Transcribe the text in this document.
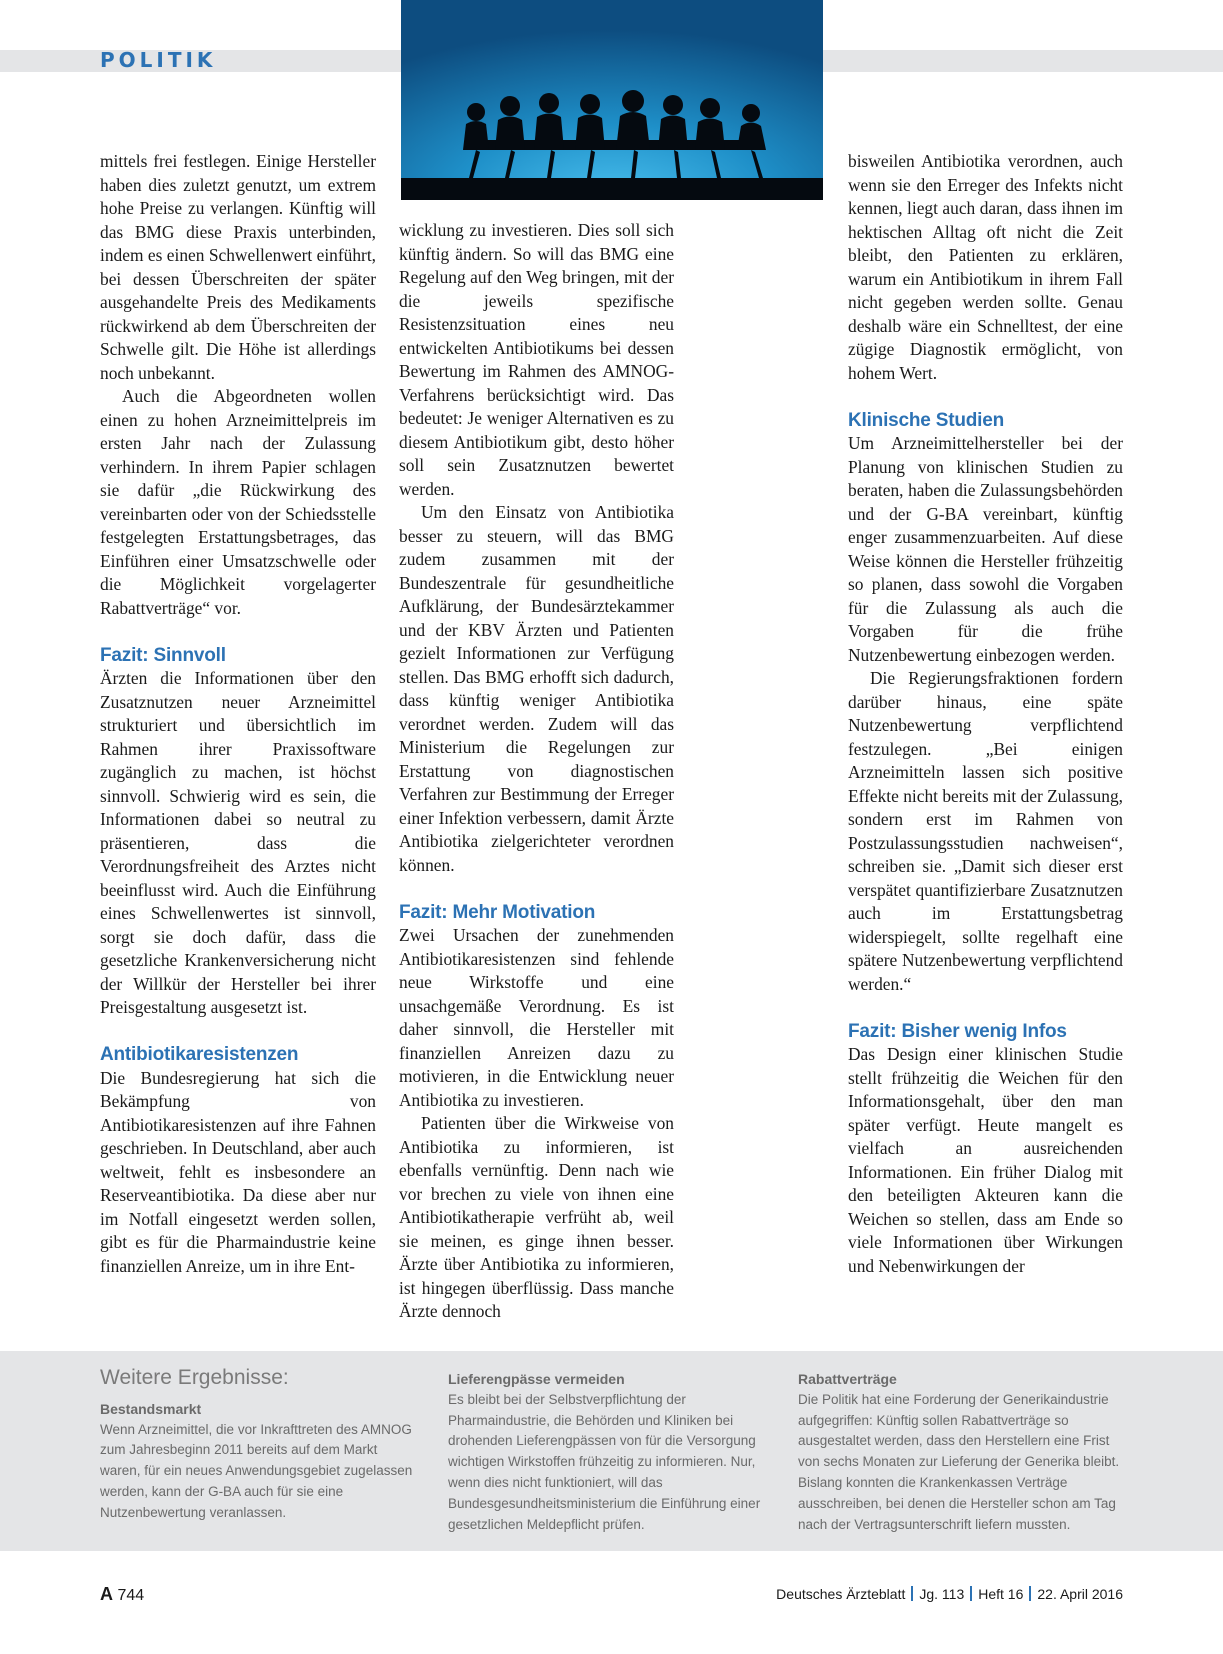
POLITIK

mittels frei festlegen. Einige Hersteller haben dies zuletzt genutzt, um extrem hohe Preise zu verlangen. Künftig will das BMG diese Praxis unterbinden, indem es einen Schwellenwert einführt, bei dessen Überschreiten der später ausgehandelte Preis des Medikaments rückwirkend ab dem Überschreiten der Schwelle gilt. Die Höhe ist allerdings noch unbekannt.

Auch die Abgeordneten wollen einen zu hohen Arzneimittelpreis im ersten Jahr nach der Zulassung verhindern. In ihrem Papier schlagen sie dafür „die Rückwirkung des vereinbarten oder von der Schiedsstelle festgelegten Erstattungsbetrages, das Einführen einer Umsatzschwelle oder die Möglichkeit vorgelagerter Rabattverträge“ vor.

Fazit: Sinnvoll

Ärzten die Informationen über den Zusatznutzen neuer Arzneimittel strukturiert und übersichtlich im Rahmen ihrer Praxissoftware zugänglich zu machen, ist höchst sinnvoll. Schwierig wird es sein, die Informationen dabei so neutral zu präsentieren, dass die Verordnungsfreiheit des Arztes nicht beeinflusst wird. Auch die Einführung eines Schwellenwertes ist sinnvoll, sorgt sie doch dafür, dass die gesetzliche Krankenversicherung nicht der Willkür der Hersteller bei ihrer Preisgestaltung ausgesetzt ist.

Antibiotikaresistenzen

Die Bundesregierung hat sich die Bekämpfung von Antibiotikaresistenzen auf ihre Fahnen geschrieben. In Deutschland, aber auch weltweit, fehlt es insbesondere an Reserveantibiotika. Da diese aber nur im Notfall eingesetzt werden sollen, gibt es für die Pharmaindustrie keine finanziellen Anreize, um in ihre Ent-

wicklung zu investieren. Dies soll sich künftig ändern. So will das BMG eine Regelung auf den Weg bringen, mit der die jeweils spezifische Resistenzsituation eines neu entwickelten Antibiotikums bei dessen Bewertung im Rahmen des AMNOG-Verfahrens berücksichtigt wird. Das bedeutet: Je weniger Alternativen es zu diesem Antibiotikum gibt, desto höher soll sein Zusatznutzen bewertet werden.

Um den Einsatz von Antibiotika besser zu steuern, will das BMG zudem zusammen mit der Bundeszentrale für gesundheitliche Aufklärung, der Bundesärztekammer und der KBV Ärzten und Patienten gezielt Informationen zur Verfügung stellen. Das BMG erhofft sich dadurch, dass künftig weniger Antibiotika verordnet werden. Zudem will das Ministerium die Regelungen zur Erstattung von diagnostischen Verfahren zur Bestimmung der Erreger einer Infektion verbessern, damit Ärzte Antibiotika zielgerichteter verordnen können.

Fazit: Mehr Motivation

Zwei Ursachen der zunehmenden Antibiotikaresistenzen sind fehlende neue Wirkstoffe und eine unsachgemäße Verordnung. Es ist daher sinnvoll, die Hersteller mit finanziellen Anreizen dazu zu motivieren, in die Entwicklung neuer Antibiotika zu investieren.

Patienten über die Wirkweise von Antibiotika zu informieren, ist ebenfalls vernünftig. Denn nach wie vor brechen zu viele von ihnen eine Antibiotikatherapie verfrüht ab, weil sie meinen, es ginge ihnen besser. Ärzte über Antibiotika zu informieren, ist hingegen überflüssig. Dass manche Ärzte dennoch

bisweilen Antibiotika verordnen, auch wenn sie den Erreger des Infekts nicht kennen, liegt auch daran, dass ihnen im hektischen Alltag oft nicht die Zeit bleibt, den Patienten zu erklären, warum ein Antibiotikum in ihrem Fall nicht gegeben werden sollte. Genau deshalb wäre ein Schnelltest, der eine zügige Diagnostik ermöglicht, von hohem Wert.

Klinische Studien

Um Arzneimittelhersteller bei der Planung von klinischen Studien zu beraten, haben die Zulassungsbehörden und der G-BA vereinbart, künftig enger zusammenzuarbeiten. Auf diese Weise können die Hersteller frühzeitig so planen, dass sowohl die Vorgaben für die Zulassung als auch die Vorgaben für die frühe Nutzenbewertung einbezogen werden.

Die Regierungsfraktionen fordern darüber hinaus, eine späte Nutzenbewertung verpflichtend festzulegen. „Bei einigen Arzneimitteln lassen sich positive Effekte nicht bereits mit der Zulassung, sondern erst im Rahmen von Postzulassungsstudien nachweisen“, schreiben sie. „Damit sich dieser erst verspätet quantifizierbare Zusatznutzen auch im Erstattungsbetrag widerspiegelt, sollte regelhaft eine spätere Nutzenbewertung verpflichtend werden.“

Fazit: Bisher wenig Infos

Das Design einer klinischen Studie stellt frühzeitig die Weichen für den Informationsgehalt, über den man später verfügt. Heute mangelt es vielfach an ausreichenden Informationen. Ein früher Dialog mit den beteiligten Akteuren kann die Weichen so stellen, dass am Ende so viele Informationen über Wirkungen und Nebenwirkungen der

Weitere Ergebnisse:

Bestandsmarkt

Wenn Arzneimittel, die vor Inkrafttreten des AMNOG zum Jahresbeginn 2011 bereits auf dem Markt waren, für ein neues Anwendungsgebiet zugelassen werden, kann der G-BA auch für sie eine Nutzenbewertung veranlassen.

Lieferengpässe vermeiden

Es bleibt bei der Selbstverpflichtung der Pharmaindustrie, die Behörden und Kliniken bei drohenden Lieferengpässen von für die Versorgung wichtigen Wirkstoffen frühzeitig zu informieren. Nur, wenn dies nicht funktioniert, will das Bundesgesundheitsministerium die Einführung einer gesetzlichen Meldepflicht prüfen.

Rabattverträge

Die Politik hat eine Forderung der Generikaindustrie aufgegriffen: Künftig sollen Rabattverträge so ausgestaltet werden, dass den Herstellern eine Frist von sechs Monaten zur Lieferung der Generika bleibt. Bislang konnten die Krankenkassen Verträge ausschreiben, bei denen die Hersteller schon am Tag nach der Vertragsunterschrift liefern mussten.

A 744	Deutsches Ärzteblatt Jg. 113 Heft 16 22. April 2016
